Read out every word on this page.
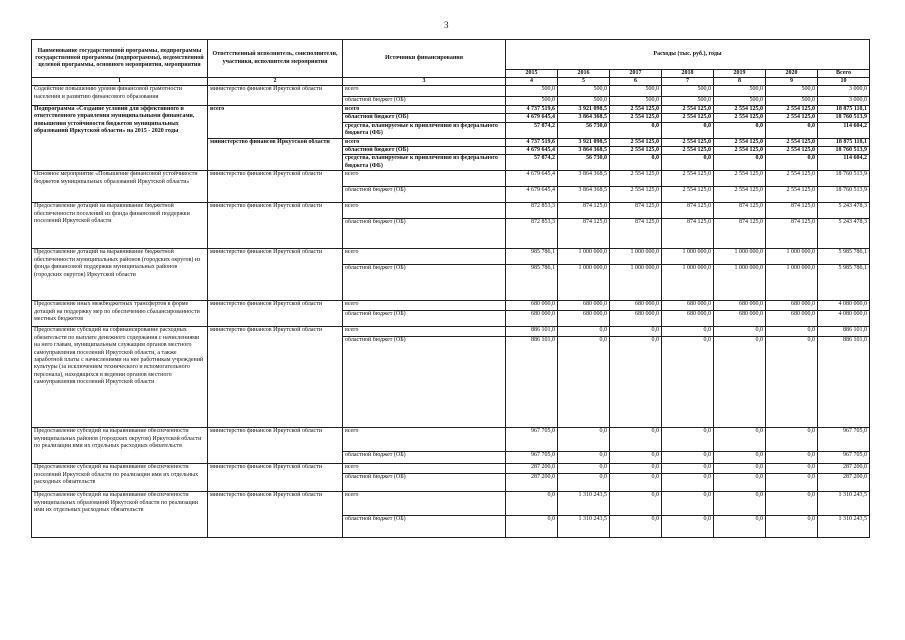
3
Наименование государственной программы, подпрограммы государственной программы (подпрограммы), ведомственной целевой программы, основного мероприятия, мероприятия	Ответственный исполнитель, соисполнители, участники, исполнители мероприятия	Источники финансирования	Расходы (тыс. руб.), годы						
			2015	2016	2017	2018	2019	2020	Всего
1	2	3	4	5	6	7	8	9	10
Содействие повышению уровня финансовой грамотности населения и развитию финансового образования	министерство финансов Иркутской области	всего	500,0	500,0	500,0	500,0	500,0	500,0	3 000,0
		областной бюджет (ОБ)	500,0	500,0	500,0	500,0	500,0	500,0	3 000,0
Подпрограмма «Создание условий для эффективного и ответственного управления муниципальными финансами, повышения устойчивости бюджетов муниципальных образований Иркутской области» на 2015 - 2020 годы	всего	всего	4 737 519,6	3 921 098,5	2 554 125,0	2 554 125,0	2 554 125,0	2 554 125,0	18 875 118,1
		областной бюджет (ОБ)	4 679 645,4	3 864 368,5	2 554 125,0	2 554 125,0	2 554 125,0	2 554 125,0	18 760 513,9
		средства, планируемые к привлечению из федерального бюджета (ФБ)	57 874,2	56 730,0	0,0	0,0	0,0	0,0	114 604,2
	министерство финансов Иркутской области	всего	4 737 519,6	3 921 098,5	2 554 125,0	2 554 125,0	2 554 125,0	2 554 125,0	18 875 118,1
		областной бюджет (ОБ)	4 679 645,4	3 864 368,5	2 554 125,0	2 554 125,0	2 554 125,0	2 554 125,0	18 760 513,9
		средства, планируемые к привлечению из федерального бюджета (ФБ)	57 874,2	56 730,0	0,0	0,0	0,0	0,0	114 604,2
Основное мероприятие «Повышение финансовой устойчивости бюджетов муниципальных образований Иркутской области»	министерство финансов Иркутской области	всего	4 679 645,4	3 864 368,5	2 554 125,0	2 554 125,0	2 554 125,0	2 554 125,0	18 760 513,9
		областной бюджет (ОБ)	4 679 645,4	3 864 368,5	2 554 125,0	2 554 125,0	2 554 125,0	2 554 125,0	18 760 513,9
Предоставление дотаций на выравнивание бюджетной обеспеченности поселений из фонда финансовой поддержки поселений Иркутской области	министерство финансов Иркутской области	всего	872 853,3	874 125,0	874 125,0	874 125,0	874 125,0	874 125,0	5 243 478,3
		областной бюджет (ОБ)	872 853,3	874 125,0	874 125,0	874 125,0	874 125,0	874 125,0	5 243 478,3
Предоставление дотаций на выравнивание бюджетной обеспеченности муниципальных районов (городских округов) из фонда финансовой поддержки муниципальных районов (городских округов) Иркутской области	министерство финансов Иркутской области	всего	985 786,1	1 000 000,0	1 000 000,0	1 000 000,0	1 000 000,0	1 000 000,0	5 985 786,1
		областной бюджет (ОБ)	985 786,1	1 000 000,0	1 000 000,0	1 000 000,0	1 000 000,0	1 000 000,0	5 985 786,1
Предоставление иных межбюджетных трансфертов в форме дотаций на поддержку мер по обеспечению сбалансированности местных бюджетов	министерство финансов Иркутской области	всего	680 000,0	680 000,0	680 000,0	680 000,0	680 000,0	680 000,0	4 080 000,0
		областной бюджет (ОБ)	680 000,0	680 000,0	680 000,0	680 000,0	680 000,0	680 000,0	4 080 000,0
Предоставление субсидий на софинансирование расходных обязательств по выплате денежного содержания с начислениями на него главам, муниципальным служащим органов местного самоуправления поселений Иркутской области, а также заработной платы с начислениями на нее работникам учреждений культуры (за исключением технического и вспомогательного персонала), находящихся в ведении органов местного самоуправления поселений Иркутской области	министерство финансов Иркутской области	всего	886 101,0	0,0	0,0	0,0	0,0	0,0	886 101,0
		областной бюджет (ОБ)	886 101,0	0,0	0,0	0,0	0,0	0,0	886 101,0
Предоставление субсидий на выравнивание обеспеченности муниципальных районов (городских округов) Иркутской области по реализации ими их отдельных расходных обязательств	министерство финансов Иркутской области	всего	967 705,0	0,0	0,0	0,0	0,0	0,0	967 705,0
		областной бюджет (ОБ)	967 705,0	0,0	0,0	0,0	0,0	0,0	967 705,0
Предоставление субсидий на выравнивание обеспеченности поселений Иркутской области по реализации ими их отдельных расходных обязательств	министерство финансов Иркутской области	всего	287 200,0	0,0	0,0	0,0	0,0	0,0	287 200,0
		областной бюджет (ОБ)	287 200,0	0,0	0,0	0,0	0,0	0,0	287 200,0
Предоставление субсидий на выравнивание обеспеченности муниципальных образований Иркутской области по реализации ими их отдельных расходных обязательств	министерство финансов Иркутской области	всего	0,0	1 310 243,5	0,0	0,0	0,0	0,0	1 310 243,5
		областной бюджет (ОБ)	0,0	1 310 243,5	0,0	0,0	0,0	0,0	1 310 243,5
